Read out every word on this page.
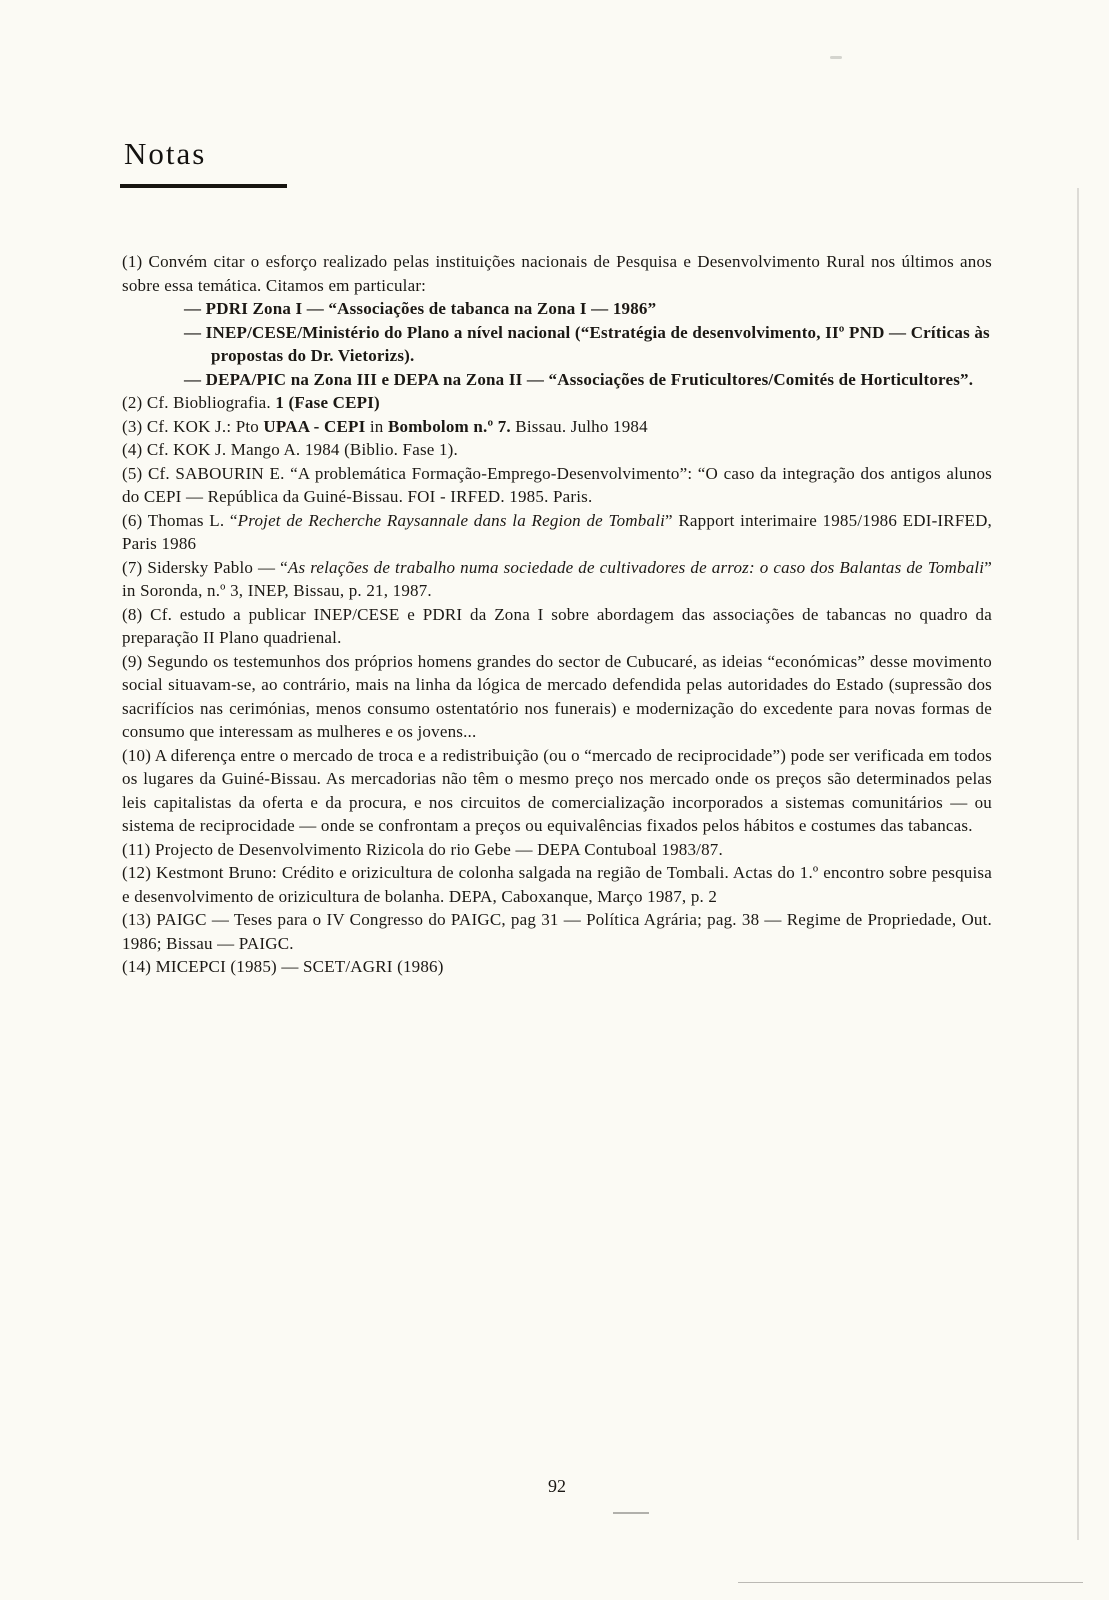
Notas

(1) Convém citar o esforço realizado pelas instituições nacionais de Pesquisa e Desenvolvimento Rural nos últimos anos sobre essa temática. Citamos em particular:

— PDRI Zona I — “Associações de tabanca na Zona I — 1986”

— INEP/CESE/Ministério do Plano a nível nacional (“Estratégia de desenvolvimento, IIº PND — Críticas às propostas do Dr. Vietorizs).

— DEPA/PIC na Zona III e DEPA na Zona II — “Associações de Fruticultores/Comités de Horticultores”.

(2) Cf. Biobliografia. 1 (Fase CEPI)

(3) Cf. KOK J.: Pto UPAA - CEPI in Bombolom n.º 7. Bissau. Julho 1984

(4) Cf. KOK J. Mango A. 1984 (Biblio. Fase 1).

(5) Cf. SABOURIN E. “A problemática Formação-Emprego-Desenvolvimento”: “O caso da integração dos antigos alunos do CEPI — República da Guiné-Bissau. FOI - IRFED. 1985. Paris.

(6) Thomas L. “Projet de Recherche Raysannale dans la Region de Tombali” Rapport interimaire 1985/1986 EDI-IRFED, Paris 1986

(7) Sidersky Pablo — “As relações de trabalho numa sociedade de cultivadores de arroz: o caso dos Balantas de Tombali” in Soronda, n.º 3, INEP, Bissau, p. 21, 1987.

(8) Cf. estudo a publicar INEP/CESE e PDRI da Zona I sobre abordagem das associações de tabancas no quadro da preparação II Plano quadrienal.

(9) Segundo os testemunhos dos próprios homens grandes do sector de Cubucaré, as ideias “económicas” desse movimento social situavam-se, ao contrário, mais na linha da lógica de mercado defendida pelas autoridades do Estado (supressão dos sacrifícios nas cerimónias, menos consumo ostentatório nos funerais) e modernização do excedente para novas formas de consumo que interessam as mulheres e os jovens...

(10) A diferença entre o mercado de troca e a redistribuição (ou o “mercado de reciprocidade”) pode ser verificada em todos os lugares da Guiné-Bissau. As mercadorias não têm o mesmo preço nos mercado onde os preços são determinados pelas leis capitalistas da oferta e da procura, e nos circuitos de comercialização incorporados a sistemas comunitários — ou sistema de reciprocidade — onde se confrontam a preços ou equivalências fixados pelos hábitos e costumes das tabancas.

(11) Projecto de Desenvolvimento Rizicola do rio Gebe — DEPA Contuboal 1983/87.

(12) Kestmont Bruno: Crédito e orizicultura de colonha salgada na região de Tombali. Actas do 1.º encontro sobre pesquisa e desenvolvimento de orizicultura de bolanha. DEPA, Caboxanque, Março 1987, p. 2

(13) PAIGC — Teses para o IV Congresso do PAIGC, pag 31 — Política Agrária; pag. 38 — Regime de Propriedade, Out. 1986; Bissau — PAIGC.

(14) MICEPCI (1985) — SCET/AGRI (1986)

92
